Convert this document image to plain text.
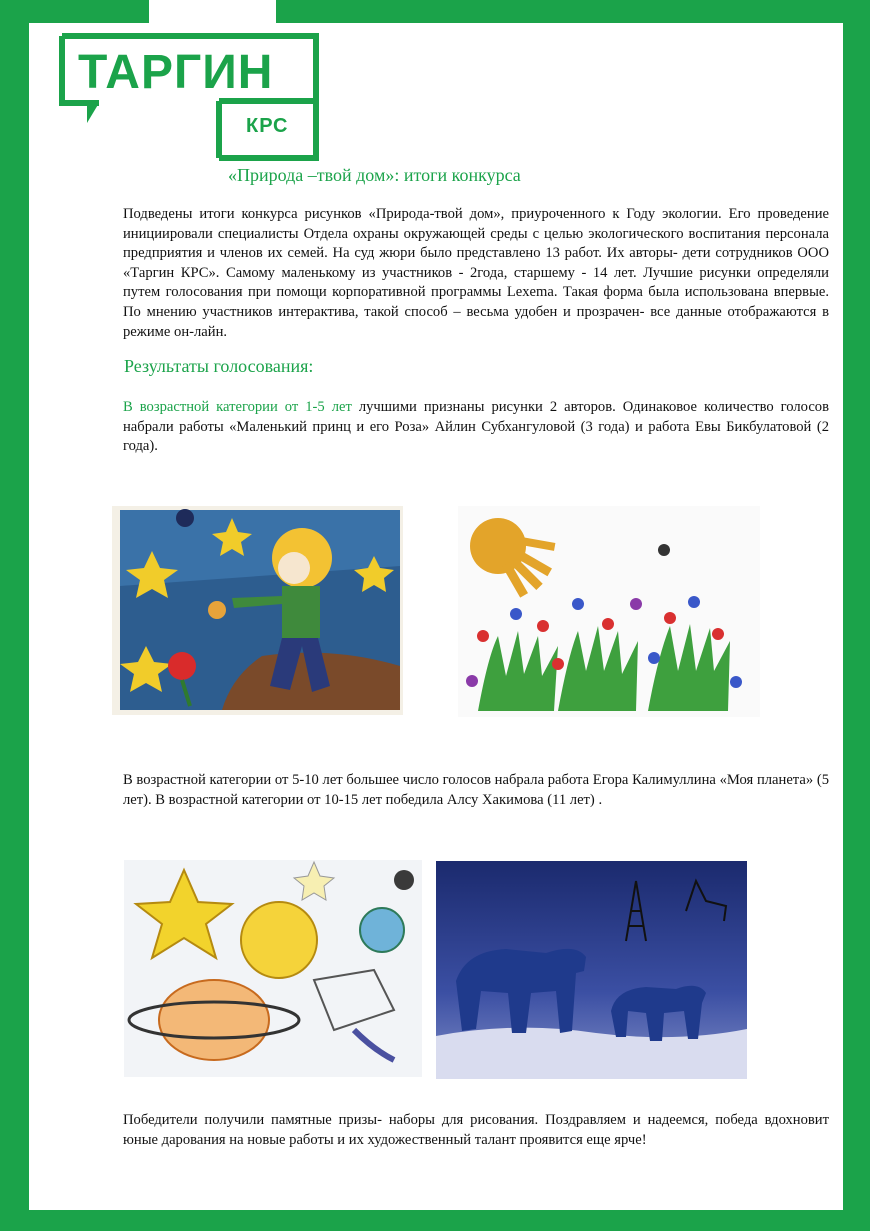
ТАРГИН
КРС
«Природа –твой дом»: итоги конкурса

Подведены итоги конкурса рисунков «Природа-твой дом», приуроченного к Году экологии. Его проведение инициировали специалисты Отдела охраны окружающей среды с целью экологического воспитания персонала предприятия и членов их семей. На суд жюри было представлено 13 работ. Их авторы- дети сотрудников ООО «Таргин КРС». Самому маленькому из участников - 2года, старшему - 14 лет. Лучшие рисунки определяли путем голосования при помощи корпоративной программы Lexema. Такая форма была использована впервые. По мнению участников интерактива, такой способ – весьма удобен и прозрачен- все данные отображаются в режиме он-лайн.

Результаты голосования:

В возрастной категории от 1-5 лет лучшими признаны рисунки 2 авторов. Одинаковое количество голосов набрали работы «Маленький принц и его Роза» Айлин Субхангуловой (3 года) и работа Евы Бикбулатовой (2 года).

В возрастной категории от 5-10 лет большее число голосов набрала работа Егора Калимуллина «Моя планета» (5 лет). В возрастной категории от 10-15 лет победила Алсу Хакимова (11 лет) .

Победители получили памятные призы- наборы для рисования. Поздравляем и надеемся, победа вдохновит юные дарования на новые работы и их художественный талант проявится еще ярче!
